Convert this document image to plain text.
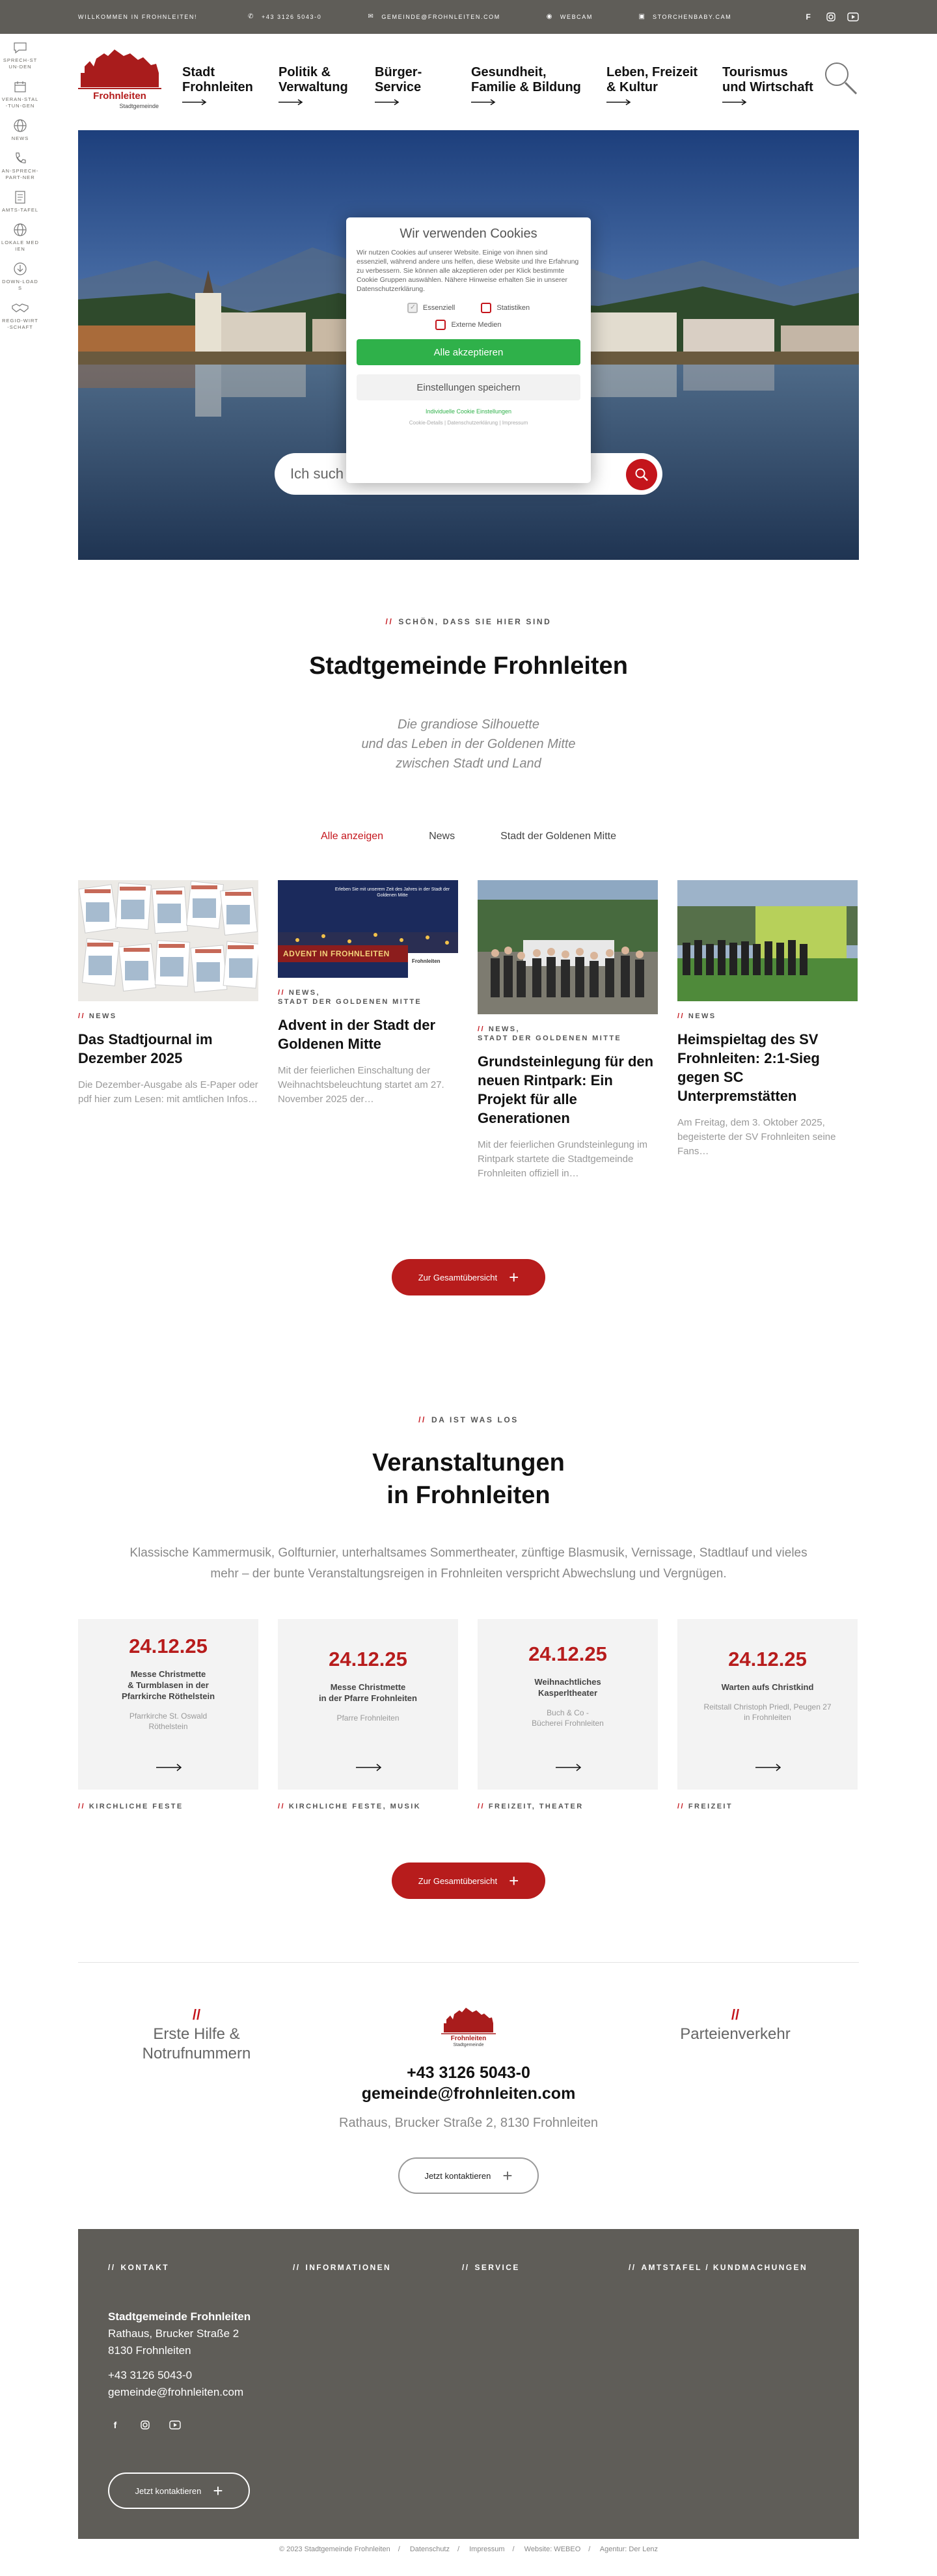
WILLKOMMEN IN FROHNLEITEN!	✆ +43 3126 5043-0	✉ GEMEINDE@FROHNLEITEN.COM	◉ WEBCAM	▣ STORCHENBABY.CAM	F
SPRECH-STUN-DEN
VERAN-STAL-TUN-GEN
NEWS
AN-SPRECH-PART-NER
AMTS-TAFEL
LOKALE MEDIEN
DOWN-LOADS
REGIO-WIRT-SCHAFT
Frohnleiten
Stadtgemeinde
Stadt
Frohnleiten
Politik &
Verwaltung
Bürger-
Service
Gesundheit,
Familie & Bildung
Leben, Freizeit
& Kultur
Tourismus
und Wirtschaft
Ich such
Wir verwenden Cookies

Wir nutzen Cookies auf unserer Website. Einige von ihnen sind essenziell, während andere uns helfen, diese Website und Ihre Erfahrung zu verbessern. Sie können alle akzeptieren oder per Klick bestimmte Cookie Gruppen auswählen. Nähere Hinweise erhalten Sie in unserer Datenschutzerklärung.

✓
Essenziell	Statistiken
Externe Medien
Alle akzeptieren
Einstellungen speichern
Individuelle Cookie Einstellungen
Cookie-Details | Datenschutzerklärung | Impressum
// SCHÖN, DASS SIE HIER SIND
Stadtgemeinde Frohnleiten
Die grandiose Silhouette
und das Leben in der Goldenen Mitte
zwischen Stadt und Land
Alle anzeigen	News	Stadt der Goldenen Mitte
// NEWS
Das Stadtjournal im Dezember 2025
Die Dezember-Ausgabe als E-Paper oder pdf hier zum Lesen: mit amtlichen Infos…
Erleben Sie mit unserem Zeit des Jahres in der Stadt der Goldenen Mitte
ADVENT IN FROHNLEITEN
Frohnleiten
// NEWS,
STADT DER GOLDENEN MITTE
Advent in der Stadt der Goldenen Mitte
Mit der feierlichen Einschaltung der Weihnachtsbeleuchtung startet am 27. November 2025 der…
// NEWS,
STADT DER GOLDENEN MITTE
Grundsteinlegung für den neuen Rintpark: Ein Projekt für alle Generationen
Mit der feierlichen Grundsteinlegung im Rintpark startete die Stadtgemeinde Frohnleiten offiziell in…
// NEWS
Heimspieltag des SV Frohnleiten: 2:1-Sieg gegen SC Unterpremstätten
Am Freitag, dem 3. Oktober 2025, begeisterte der SV Frohnleiten seine Fans…
Zur Gesamtübersicht +
// DA IST WAS LOS
Veranstaltungen
in Frohnleiten
Klassische Kammermusik, Golfturnier, unterhaltsames Sommertheater, zünftige Blasmusik, Vernissage, Stadtlauf und vieles mehr – der bunte Veranstaltungsreigen in Frohnleiten verspricht Abwechslung und Vergnügen.
24.12.25
Messe Christmette
& Turmblasen in der
Pfarrkirche Röthelstein
Pfarrkirche St. Oswald
Röthelstein
// KIRCHLICHE FESTE
24.12.25
Messe Christmette
in der Pfarre Frohnleiten
Pfarre Frohnleiten
// KIRCHLICHE FESTE, MUSIK
24.12.25
Weihnachtliches
Kasperltheater
Buch & Co -
Bücherei Frohnleiten
// FREIZEIT, THEATER
24.12.25
Warten aufs Christkind
Reitstall Christoph Priedl, Peugen 27
in Frohnleiten
// FREIZEIT
Zur Gesamtübersicht +
//
Erste Hilfe &
Notrufnummern
//
Parteienverkehr
Frohnleiten
Stadtgemeinde
+43 3126 5043-0
gemeinde@frohnleiten.com
Rathaus, Brucker Straße 2, 8130 Frohnleiten
Jetzt kontaktieren +
// KONTAKT	// INFORMATIONEN	// SERVICE	// AMTSTAFEL / KUNDMACHUNGEN
Stadtgemeinde Frohnleiten
Rathaus, Brucker Straße 2
8130 Frohnleiten
+43 3126 5043-0
gemeinde@frohnleiten.com
f
Jetzt kontaktieren +
© 2023 Stadtgemeinde Frohnleiten / Datenschutz / Impressum / Website: WEBEO / Agentur: Der Lenz
